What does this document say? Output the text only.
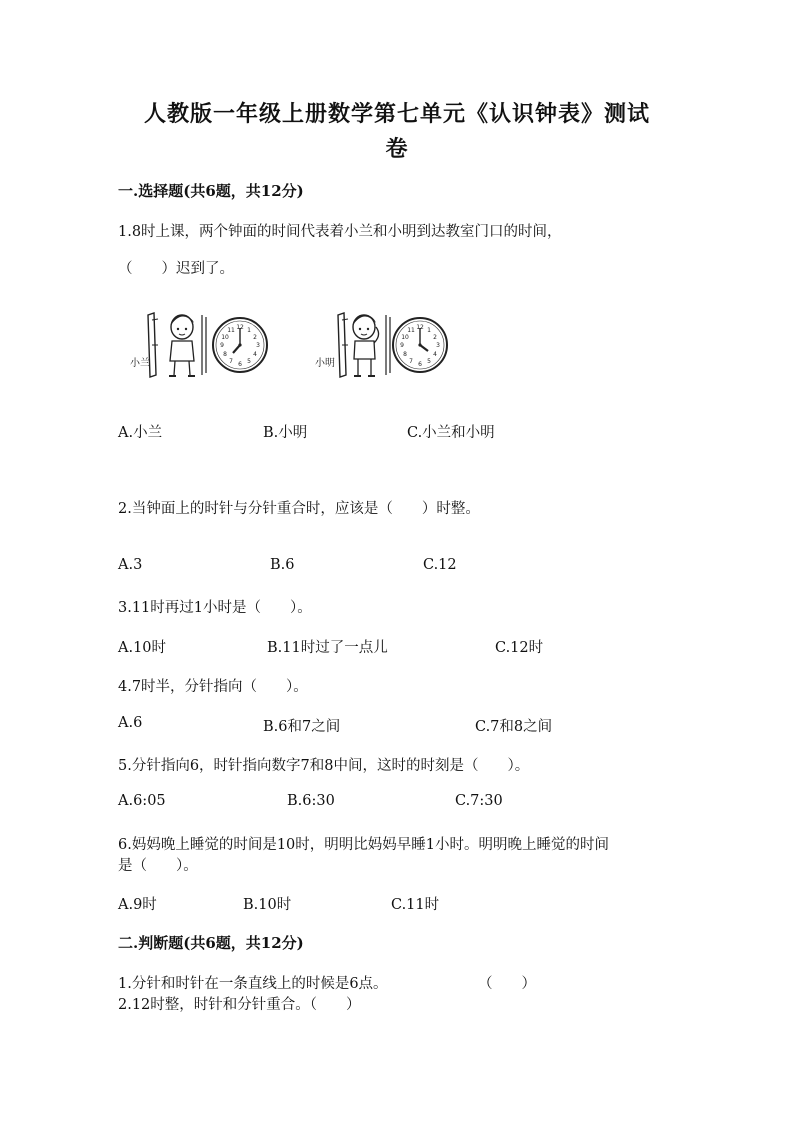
人教版一年级上册数学第七单元《认识钟表》测试
卷
一.选择题(共6题，共12分)
1.8时上课，两个钟面的时间代表着小兰和小明到达教室门口的时间，
（　　）迟到了。
小兰
12 1
2
3
4
5
6
7
8
9
10
11
小明
12 1
2
3
4
5
6
7
8
9
10
11
A.小兰	B.小明	C.小兰和小明
2.当钟面上的时针与分针重合时，应该是（　　）时整。
A.3	B.6	C.12
3.11时再过1小时是（　　）。
A.10时	B.11时过了一点儿	C.12时
4.7时半，分针指向（　　）。
A.6	B.6和7之间	C.7和8之间
5.分针指向6，时针指向数字7和8中间，这时的时刻是（　　）。
A.6:05	B.6:30	C.7:30
6.妈妈晚上睡觉的时间是10时，明明比妈妈早睡1小时。明明晚上睡觉的时间
是（　　）。
A.9时	B.10时	C.11时
二.判断题(共6题，共12分)
1.分针和时针在一条直线上的时候是6点。	（　　）
2.12时整，时针和分针重合。（　　）
